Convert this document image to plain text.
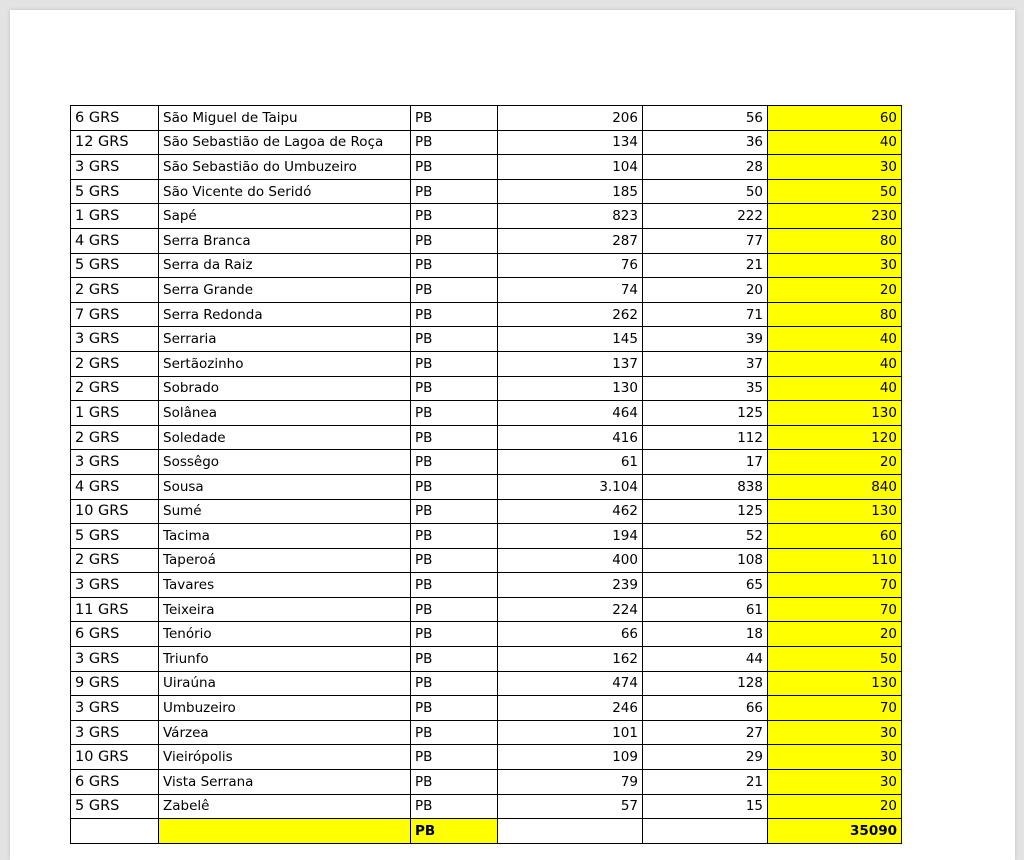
6 GRS	São Miguel de Taipu	PB	206	56	60
12 GRS	São Sebastião de Lagoa de Roça	PB	134	36	40
3 GRS	São Sebastião do Umbuzeiro	PB	104	28	30
5 GRS	São Vicente do Seridó	PB	185	50	50
1 GRS	Sapé	PB	823	222	230
4 GRS	Serra Branca	PB	287	77	80
5 GRS	Serra da Raiz	PB	76	21	30
2 GRS	Serra Grande	PB	74	20	20
7 GRS	Serra Redonda	PB	262	71	80
3 GRS	Serraria	PB	145	39	40
2 GRS	Sertãozinho	PB	137	37	40
2 GRS	Sobrado	PB	130	35	40
1 GRS	Solânea	PB	464	125	130
2 GRS	Soledade	PB	416	112	120
3 GRS	Sossêgo	PB	61	17	20
4 GRS	Sousa	PB	3.104	838	840
10 GRS	Sumé	PB	462	125	130
5 GRS	Tacima	PB	194	52	60
2 GRS	Taperoá	PB	400	108	110
3 GRS	Tavares	PB	239	65	70
11 GRS	Teixeira	PB	224	61	70
6 GRS	Tenório	PB	66	18	20
3 GRS	Triunfo	PB	162	44	50
9 GRS	Uiraúna	PB	474	128	130
3 GRS	Umbuzeiro	PB	246	66	70
3 GRS	Várzea	PB	101	27	30
10 GRS	Vieirópolis	PB	109	29	30
6 GRS	Vista Serrana	PB	79	21	30
5 GRS	Zabelê	PB	57	15	20
		PB			35090
